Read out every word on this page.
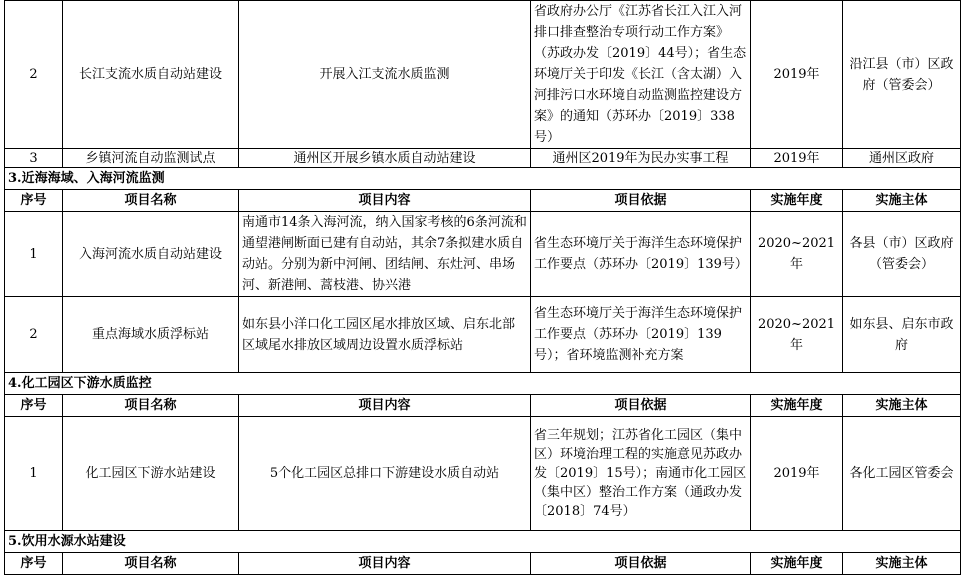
2	长江支流水质自动站建设	开展入江支流水质监测	省政府办公厅《江苏省长江入江入河排口排查整治专项行动工作方案》（苏政办发〔2019〕44号）；省生态环境厅关于印发《长江（含太湖）入河排污口水环境自动监测监控建设方案》的通知（苏环办〔2019〕338号）	2019年	沿江县（市）区政府（管委会）
3	乡镇河流自动监测试点	通州区开展乡镇水质自动站建设	通州区2019年为民办实事工程	2019年	通州区政府
3.近海海域、入海河流监测					
序号	项目名称	项目内容	项目依据	实施年度	实施主体
1	入海河流水质自动站建设	南通市14条入海河流，纳入国家考核的6条河流和通望港闸断面已建有自动站，其余7条拟建水质自动站。分别为新中河闸、团结闸、东灶河、串场河、新港闸、蒿枝港、协兴港	省生态环境厅关于海洋生态环境保护工作要点（苏环办〔2019〕139号）	2020~2021年	各县（市）区政府（管委会）
2	重点海域水质浮标站	如东县小洋口化工园区尾水排放区域、启东北部区域尾水排放区域周边设置水质浮标站	省生态环境厅关于海洋生态环境保护工作要点（苏环办〔2019〕139号）；省环境监测补充方案	2020~2021年	如东县、启东市政府
4.化工园区下游水质监控					
序号	项目名称	项目内容	项目依据	实施年度	实施主体
1	化工园区下游水站建设	5个化工园区总排口下游建设水质自动站	省三年规划；江苏省化工园区（集中区）环境治理工程的实施意见苏政办发〔2019〕15号）；南通市化工园区（集中区）整治工作方案（通政办发〔2018〕74号）	2019年	各化工园区管委会
5.饮用水源水站建设					
序号	项目名称	项目内容	项目依据	实施年度	实施主体
